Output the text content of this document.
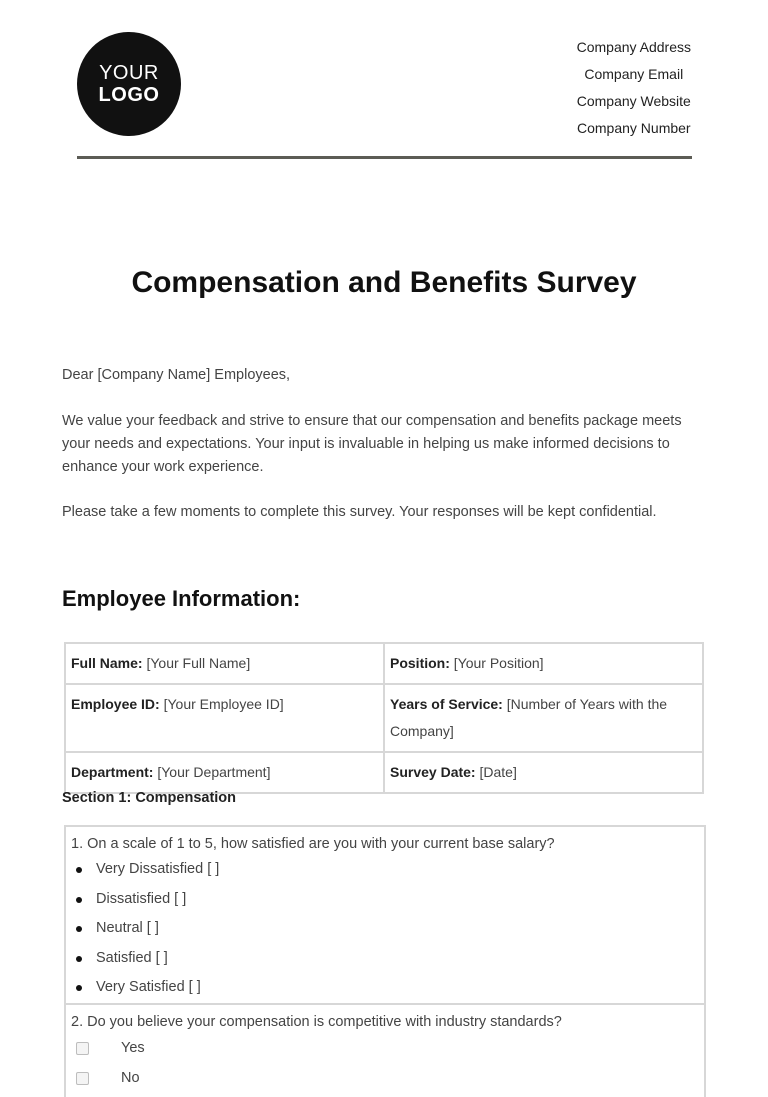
YOUR
LOGO
Company Address
Company Email
Company Website
Company Number
Compensation and Benefits Survey
Dear [Company Name] Employees,
We value your feedback and strive to ensure that our compensation and benefits package meets your needs and expectations. Your input is invaluable in helping us make informed decisions to enhance your work experience.
Please take a few moments to complete this survey. Your responses will be kept confidential.
Employee Information:
Full Name: [Your Full Name]	Position: [Your Position]
Employee ID: [Your Employee ID]	Years of Service: [Number of Years with the Company]
Department: [Your Department]	Survey Date: [Date]
Section 1: Compensation
1. On a scale of 1 to 5, how satisfied are you with your current base salary?
Very Dissatisfied [ ]
Dissatisfied [ ]
Neutral [ ]
Satisfied [ ]
Very Satisfied [ ]
2. Do you believe your compensation is competitive with industry standards?
Yes
No
